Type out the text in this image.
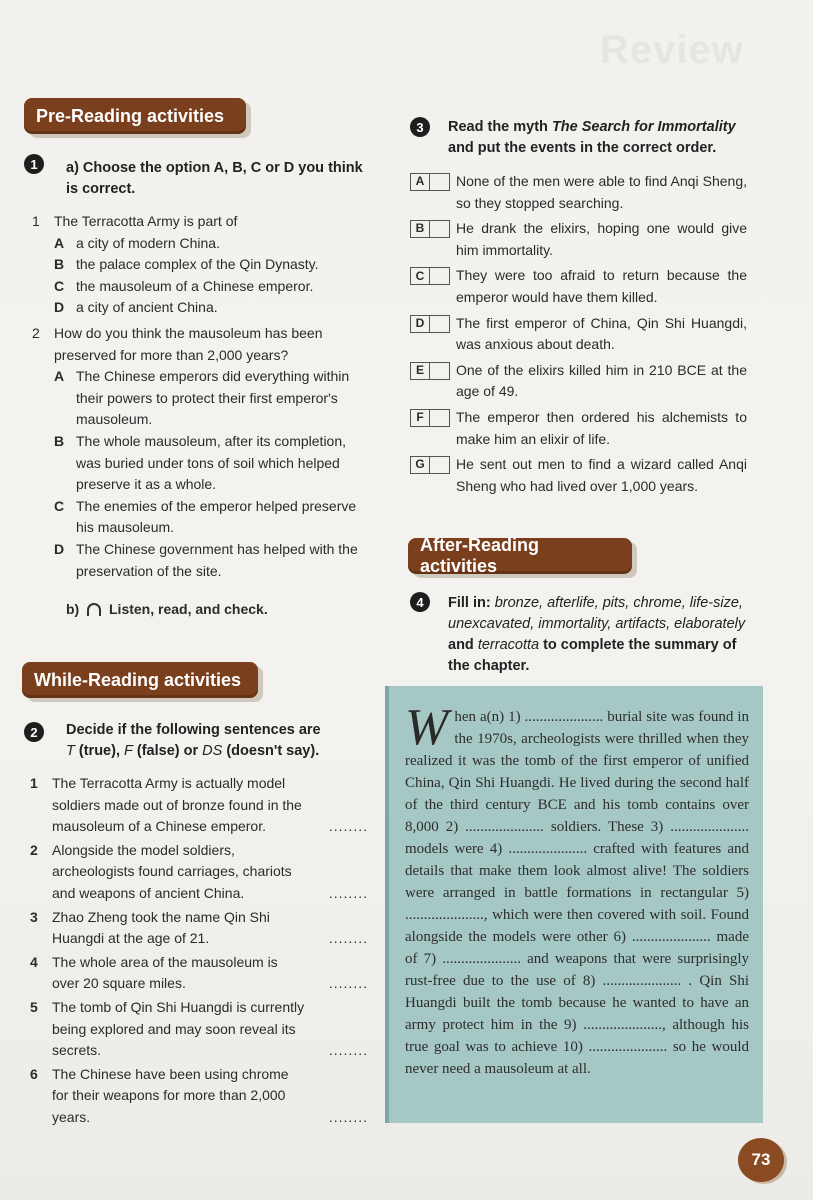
Review
Pre-Reading activities
1	a) Choose the option A, B, C or D you think
is correct.
1 The Terracotta Army is part of
A a city of modern China.
B the palace complex of the Qin Dynasty.
C the mausoleum of a Chinese emperor.
D a city of ancient China.
2 How do you think the mausoleum has been preserved for more than 2,000 years?
A The Chinese emperors did everything within their powers to protect their first emperor's mausoleum.
B The whole mausoleum, after its completion, was buried under tons of soil which helped preserve it as a whole.
C The enemies of the emperor helped preserve his mausoleum.
D The Chinese government has helped with the preservation of the site.
b) Listen, read, and check.
While-Reading activities
2	Decide if the following sentences are
T (true), F (false) or DS (doesn't say).
1 The Terracotta Army is actually model soldiers made out of bronze found in the mausoleum of a Chinese emperor.	........
2 Alongside the model soldiers, archeologists found carriages, chariots and weapons of ancient China.	........
3 Zhao Zheng took the name Qin Shi Huangdi at the age of 21.	........
4 The whole area of the mausoleum is over 20 square miles.	........
5 The tomb of Qin Shi Huangdi is currently being explored and may soon reveal its secrets.	........
6 The Chinese have been using chrome for their weapons for more than 2,000 years.	........
3	Read the myth The Search for Immortality
and put the events in the correct order.
A	None of the men were able to find Anqi Sheng, so they stopped searching.
B	He drank the elixirs, hoping one would give him immortality.
C	They were too afraid to return because the emperor would have them killed.
D	The first emperor of China, Qin Shi Huangdi, was anxious about death.
E	One of the elixirs killed him in 210 BCE at the age of 49.
F	The emperor then ordered his alchemists to make him an elixir of life.
G	He sent out men to find a wizard called Anqi Sheng who had lived over 1,000 years.
After-Reading activities
4	Fill in: bronze, afterlife, pits, chrome, life-size, unexcavated, immortality, artifacts, elaborately and terracotta to complete the summary of the chapter.
W hen a(n) 1) ..................... burial site was found in the 1970s, archeologists were thrilled when they realized it was the tomb of the first emperor of unified China, Qin Shi Huangdi. He lived during the second half of the third century BCE and his tomb contains over 8,000 2) ..................... soldiers. These 3) ..................... models were 4) ..................... crafted with features and details that make them look almost alive! The soldiers were arranged in battle formations in rectangular 5) ....................., which were then covered with soil. Found alongside the models were other 6) ..................... made of 7) ..................... and weapons that were surprisingly rust-free due to the use of 8) ..................... . Qin Shi Huangdi built the tomb because he wanted to have an army protect him in the 9) ....................., although his true goal was to achieve 10) ..................... so he would never need a mausoleum at all.
73
